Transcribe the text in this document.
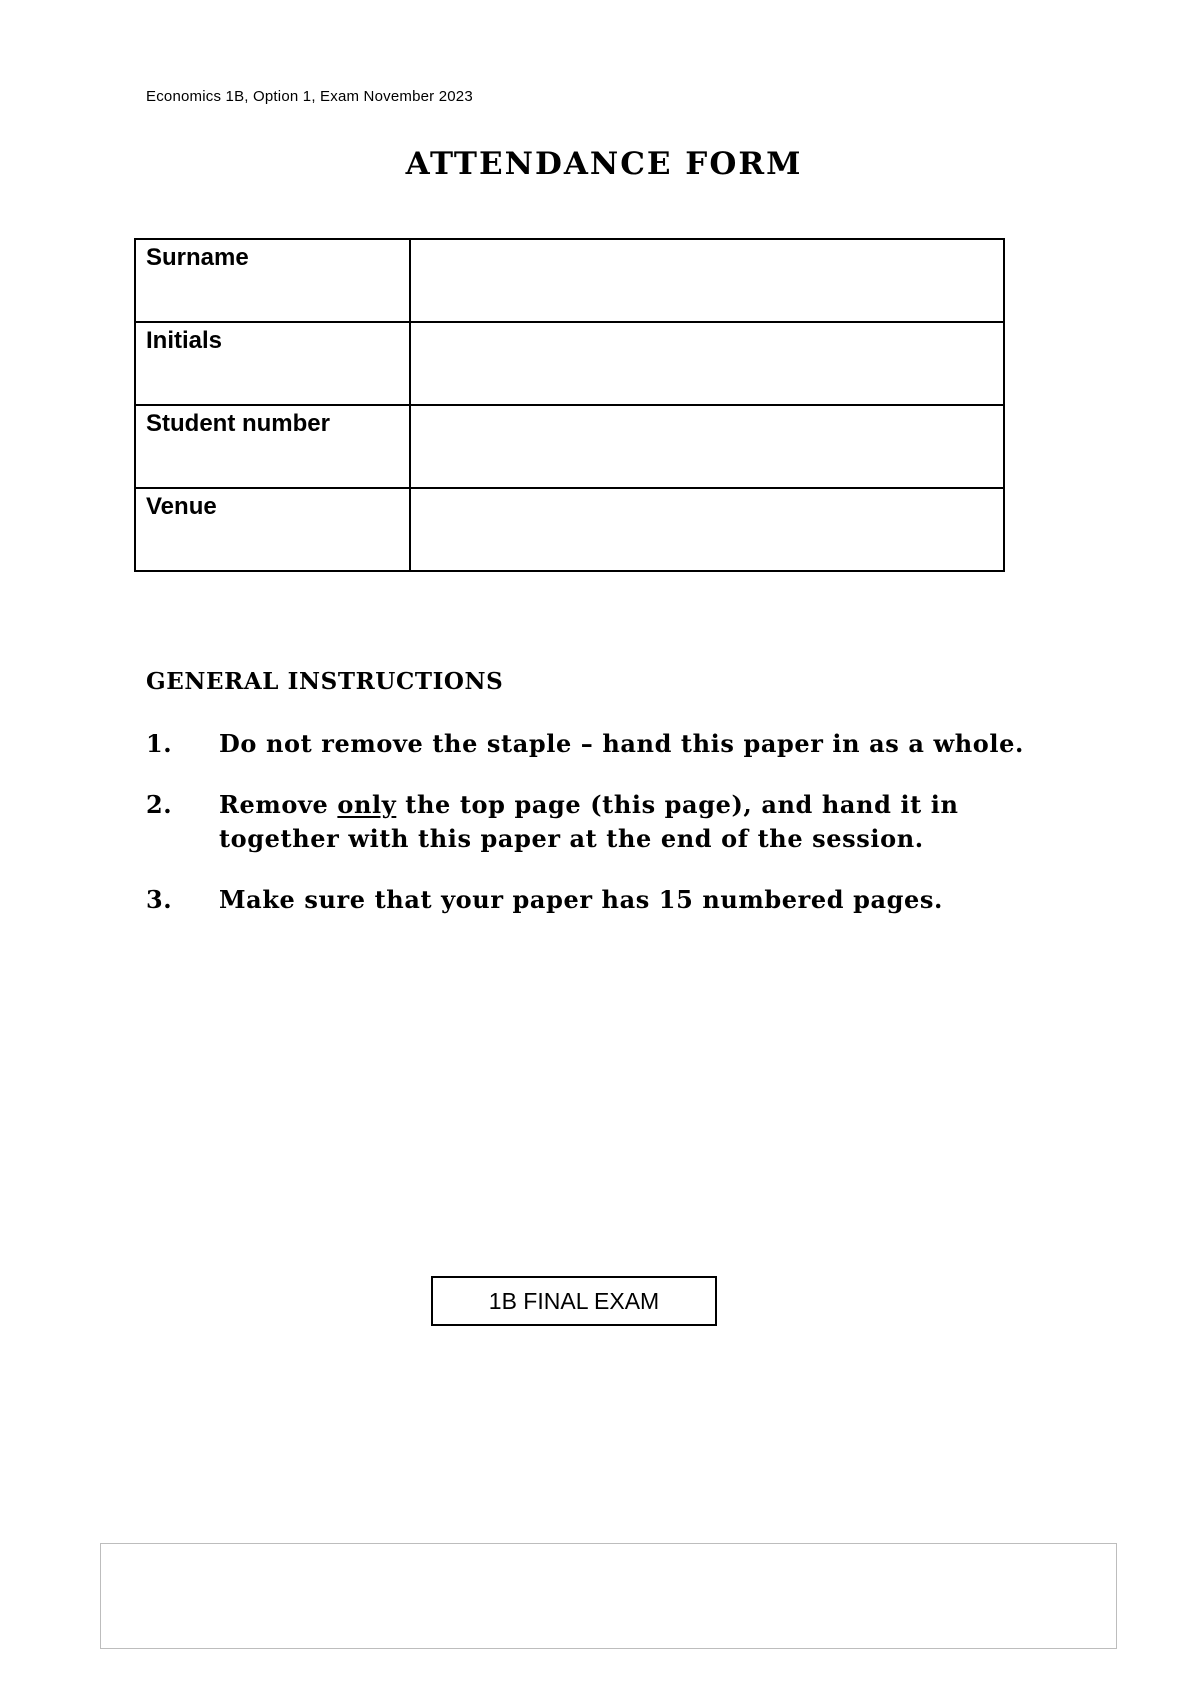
Economics 1B, Option 1, Exam November 2023
ATTENDANCE FORM
Surname	

Initials	

Student number	

Venue	

GENERAL INSTRUCTIONS
1.	Do not remove the staple – hand this paper in as a whole.
2.	Remove only the top page (this page), and hand it in together with this paper at the end of the session.
3.	Make sure that your paper has 15 numbered pages.
1B FINAL EXAM
